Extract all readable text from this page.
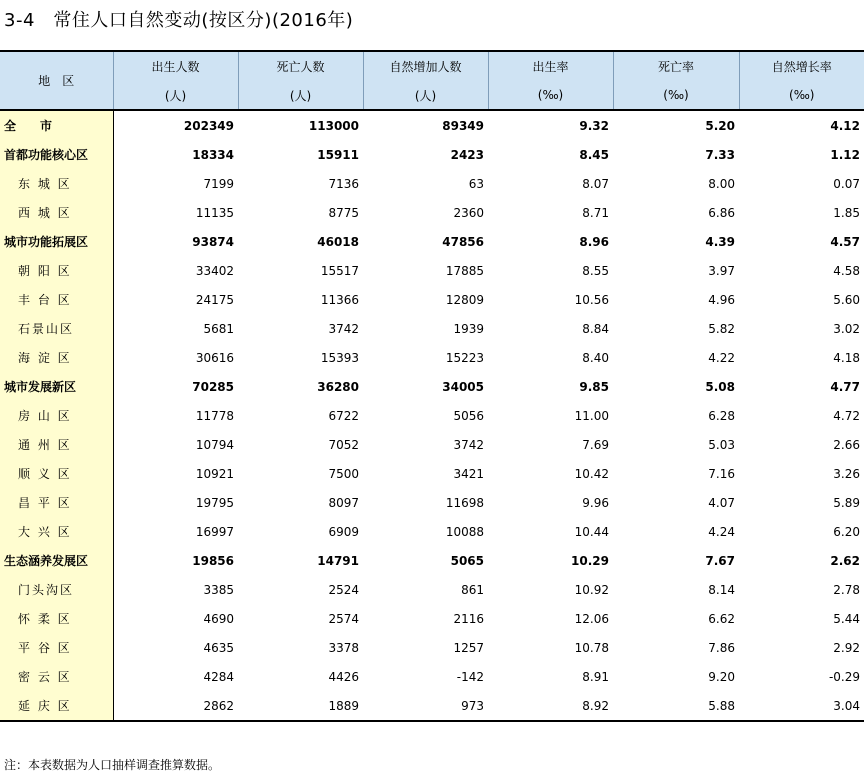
3-4　常住人口自然变动(按区分)(2016年)
地　区	出生人数	死亡人数	自然增加人数	出生率	死亡率	自然增长率
	(人)	(人)	(人)	(‰)	(‰)	(‰)
全　　市	202349	113000	89349	9.32	5.20	4.12
首都功能核心区	18334	15911	2423	8.45	7.33	1.12
东 城 区	7199	7136	63	8.07	8.00	0.07
西 城 区	11135	8775	2360	8.71	6.86	1.85
城市功能拓展区	93874	46018	47856	8.96	4.39	4.57
朝 阳 区	33402	15517	17885	8.55	3.97	4.58
丰 台 区	24175	11366	12809	10.56	4.96	5.60
石景山区	5681	3742	1939	8.84	5.82	3.02
海 淀 区	30616	15393	15223	8.40	4.22	4.18
城市发展新区	70285	36280	34005	9.85	5.08	4.77
房 山 区	11778	6722	5056	11.00	6.28	4.72
通 州 区	10794	7052	3742	7.69	5.03	2.66
顺 义 区	10921	7500	3421	10.42	7.16	3.26
昌 平 区	19795	8097	11698	9.96	4.07	5.89
大 兴 区	16997	6909	10088	10.44	4.24	6.20
生态涵养发展区	19856	14791	5065	10.29	7.67	2.62
门头沟区	3385	2524	861	10.92	8.14	2.78
怀 柔 区	4690	2574	2116	12.06	6.62	5.44
平 谷 区	4635	3378	1257	10.78	7.86	2.92
密 云 区	4284	4426	-142	8.91	9.20	-0.29
延 庆 区	2862	1889	973	8.92	5.88	3.04
注：本表数据为人口抽样调查推算数据。
